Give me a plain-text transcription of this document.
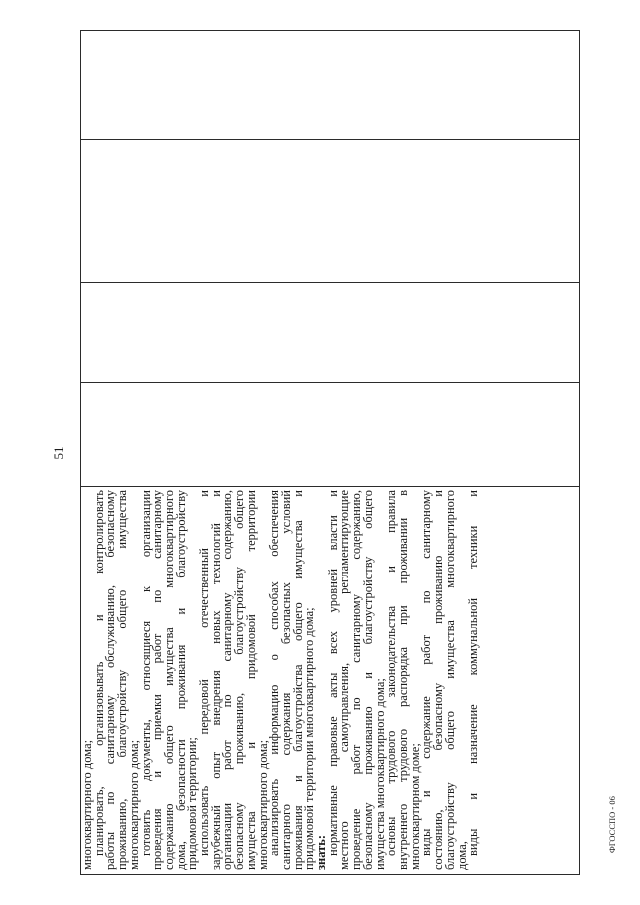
51
многоквартирного дома;
планировать, организовывать и контролировать
работы по санитарному обслуживанию, безопасному
проживанию, благоустройству общего имущества
многоквартирного дома;
готовить документы, относящиеся к организации
проведения и приемки работ по санитарному
содержанию общего имущества многоквартирного
дома, безопасности проживания и благоустройству
придомовой территории;
использовать передовой отечественный и
зарубежный опыт внедрения новых технологий и
организации работ по санитарному содержанию,
безопасному проживанию, благоустройству общего
имущества и придомовой территории
многоквартирного дома;
анализировать информацию о способах обеспечения
санитарного содержания безопасных условий
проживания и благоустройства общего имущества и
придомовой территории многоквартирного дома;
знать:
нормативные правовые акты всех уровней власти и
местного самоуправления, регламентирующие
проведение работ по санитарному содержанию,
безопасному проживанию и благоустройству общего
имущества многоквартирного дома;
основы трудового законодательства и правила
внутреннего трудового распорядка при проживании в
многоквартирном доме;
виды и содержание работ по санитарному
состоянию, безопасному проживанию и
благоустройству общего имущества многоквартирного
дома,
виды и назначение коммунальной техники и	ФГОССПО - 06
